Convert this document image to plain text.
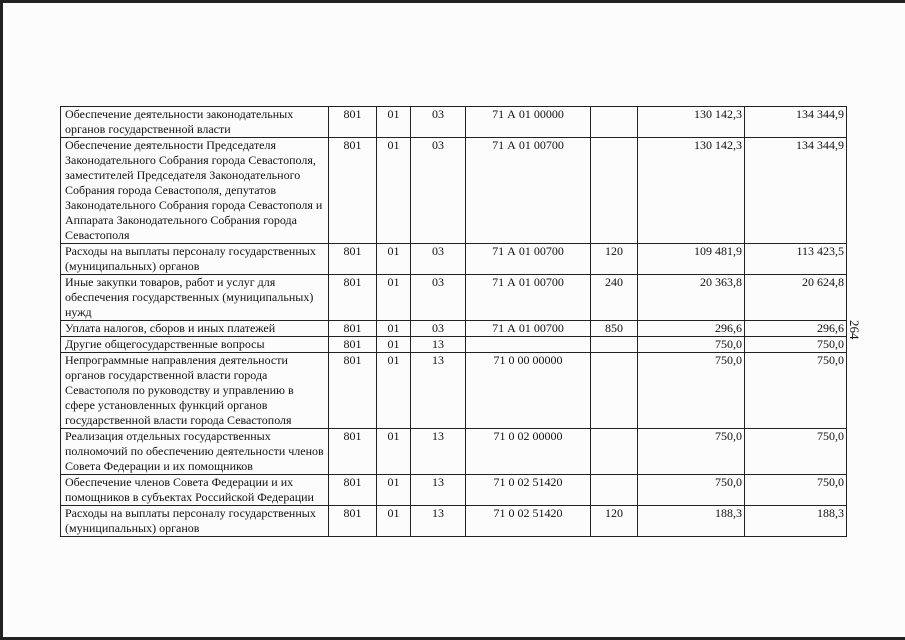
264
Обеспечение деятельности законодательных органов государственной власти	801	01	03	71 А 01 00000		130 142,3	134 344,9
Обеспечение деятельности Председателя Законодательного Собрания города Севастополя, заместителей Председателя Законодательного Собрания города Севастополя, депутатов Законодательного Собрания города Севастополя и Аппарата Законодательного Собрания города Севастополя	801	01	03	71 А 01 00700		130 142,3	134 344,9
Расходы на выплаты персоналу государственных (муниципальных) органов	801	01	03	71 А 01 00700	120	109 481,9	113 423,5
Иные закупки товаров, работ и услуг для обеспечения государственных (муниципальных) нужд	801	01	03	71 А 01 00700	240	20 363,8	20 624,8
Уплата налогов, сборов и иных платежей	801	01	03	71 А 01 00700	850	296,6	296,6
Другие общегосударственные вопросы	801	01	13			750,0	750,0
Непрограммные направления деятельности органов государственной власти города Севастополя по руководству и управлению в сфере установленных функций органов государственной власти города Севастополя	801	01	13	71 0 00 00000		750,0	750,0
Реализация отдельных государственных полномочий по обеспечению деятельности членов Совета Федерации и их помощников	801	01	13	71 0 02 00000		750,0	750,0
Обеспечение членов Совета Федерации и их помощников в субъектах Российской Федерации	801	01	13	71 0 02 51420		750,0	750,0
Расходы на выплаты персоналу государственных (муниципальных) органов	801	01	13	71 0 02 51420	120	188,3	188,3
